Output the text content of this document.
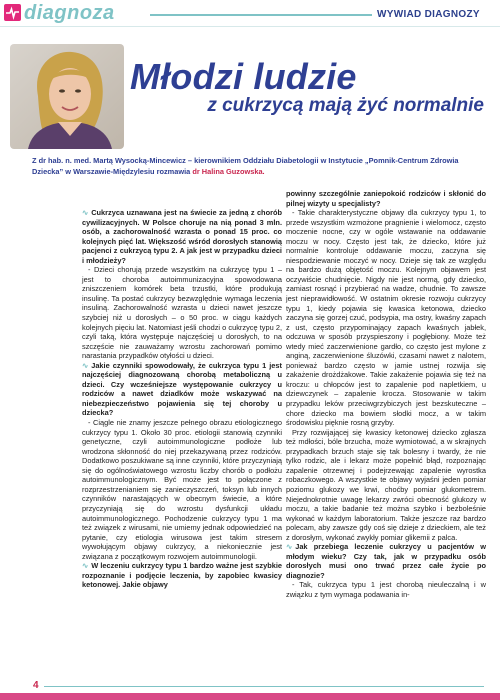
diagnoza	WYWIAD DIAGNOZY
Młodzi ludzie
z cukrzycą mają żyć normalnie
Z dr hab. n. med. Martą Wysocką-Mincewicz – kierownikiem Oddziału Diabetologii w Instytucie „Pomnik-Centrum Zdrowia Dziecka” w Warszawie-Międzylesiu rozmawia dr Halina Guzowska.

∿ Cukrzyca uznawana jest na świecie za jedną z chorób cywilizacyjnych. W Polsce choruje na nią ponad 3 mln. osób, a zachorowalność wzrasta o ponad 15 proc. co kolejnych pięć lat. Większość wśród dorosłych stanowią pacjenci z cukrzycą typu 2. A jak jest w przypadku dzieci i młodzieży?

- Dzieci chorują przede wszystkim na cukrzycę typu 1 – jest to choroba autoimmunizacyjna spowodowana zniszczeniem komórek beta trzustki, które produkują insulinę. Ta postać cukrzycy bezwzględnie wymaga leczenia insuliną. Zachorowalność wzrasta u dzieci nawet jeszcze szybciej niż u dorosłych – o 50 proc. w ciągu każdych kolejnych pięciu lat. Natomiast jeśli chodzi o cukrzycę typu 2, czyli taką, która występuje najczęściej u dorosłych, to na szczęście nie zauważamy wzrostu zachorowań pomimo narastania przypadków otyłości u dzieci.

∿ Jakie czynniki spowodowały, że cukrzyca typu 1 jest najczęściej diagnozowaną chorobą metaboliczną u dzieci. Czy wcześniejsze występowanie cukrzycy u rodziców a nawet dziadków może wskazywać na niebezpieczeństwo pojawienia się tej choroby u dziecka?

- Ciągle nie znamy jeszcze pełnego obrazu etiologicznego cukrzycy typu 1. Około 30 proc. etiologii stanowią czynniki genetyczne, czyli autoimmunologiczne podłoże lub wrodzona skłonność do niej przekazywaną przez rodziców. Dodatkowo poszukiwane są inne czynniki, które przyczyniają się do ogólnoświatowego wzrostu liczby chorób o podłożu autoimmunologicznym. Być może jest to połączone z rozprzestrzenianiem się zanieczyszczeń, toksyn lub innych czynników narastających w obecnym świecie, a które przyczyniają się do wzrostu dysfunkcji układu autoimmunologicznego. Pochodzenie cukrzycy typu 1 ma też związek z wirusami, nie umiemy jednak odpowiedzieć na pytanie, czy etiologia wirusowa jest takim stresem wywołującym objawy cukrzycy, a niekoniecznie jest związana z początkowym rozwojem autoimmunologii.

∿ W leczeniu cukrzycy typu 1 bardzo ważne jest szybkie rozpoznanie i podjęcie leczenia, by zapobiec kwasicy ketonowej. Jakie objawy

powinny szczególnie zaniepokoić rodziców i skłonić do pilnej wizyty u specjalisty?

- Takie charakterystyczne objawy dla cukrzycy typu 1, to przede wszystkim wzmożone pragnienie i wielomocz, często moczenie nocne, czy w ogóle wstawanie na oddawanie moczu w nocy. Często jest tak, że dziecko, które już normalnie kontroluje oddawanie moczu, zaczyna się niespodziewanie moczyć w nocy. Dzieje się tak ze względu na bardzo dużą objętość moczu. Kolejnym objawem jest oczywiście chudnięcie. Nigdy nie jest normą, gdy dziecko, zamiast rosnąć i przybierać na wadze, chudnie. To zawsze jest nieprawidłowość. W ostatnim okresie rozwoju cukrzycy typu 1, kiedy pojawia się kwasica ketonowa, dziecko zaczyna się gorzej czuć, podsypia, ma ostry, kwaśny zapach z ust, często przypominający zapach kwaśnych jabłek, odczuwa w sposób przyspieszony i pogłębiony. Może też wtedy mieć zaczerwienione gardło, co często jest mylone z anginą, zaczerwienione śluzówki, czasami nawet z nalotem, ponieważ bardzo często w jamie ustnej rozwija się zakażenie drożdżakowe. Takie zakażenie pojawia się też na kroczu: u chłopców jest to zapalenie pod napletkiem, u dziewczynek – zapalenie krocza. Stosowanie w takim przypadku leków przeciwgrzybiczych jest bezskuteczne – chore dziecko ma bowiem słodki mocz, a w takim środowisku pięknie rosną grzyby.

Przy rozwijającej się kwasicy ketonowej dziecko zgłasza też mdłości, bóle brzucha, może wymiotować, a w skrajnych przypadkach brzuch staje się tak bolesny i twardy, że nie tylko rodzic, ale i lekarz może popełnić błąd, rozpoznając zapalenie otrzewnej i podejrzewając zapalenie wyrostka robaczkowego. A wszystkie te objawy wyjaśni jeden pomiar poziomu glukozy we krwi, choćby pomiar glukometrem. Niejednokrotnie uwagę lekarzy zwróci obecność glukozy w moczu, a takie badanie też można szybko i bezboleśnie wykonać w każdym laboratorium. Także jeszcze raz bardzo polecam, aby zawsze gdy coś się dzieje z dzieckiem, ale też z dorosłym, wykonać zwykły pomiar glikemii z palca.

∿ Jak przebiega leczenie cukrzycy u pacjentów w młodym wieku? Czy tak, jak w przypadku osób dorosłych musi ono trwać przez całe życie po diagnozie?

- Tak, cukrzyca typu 1 jest chorobą nieuleczalną i w związku z tym wymaga podawania in-

4
